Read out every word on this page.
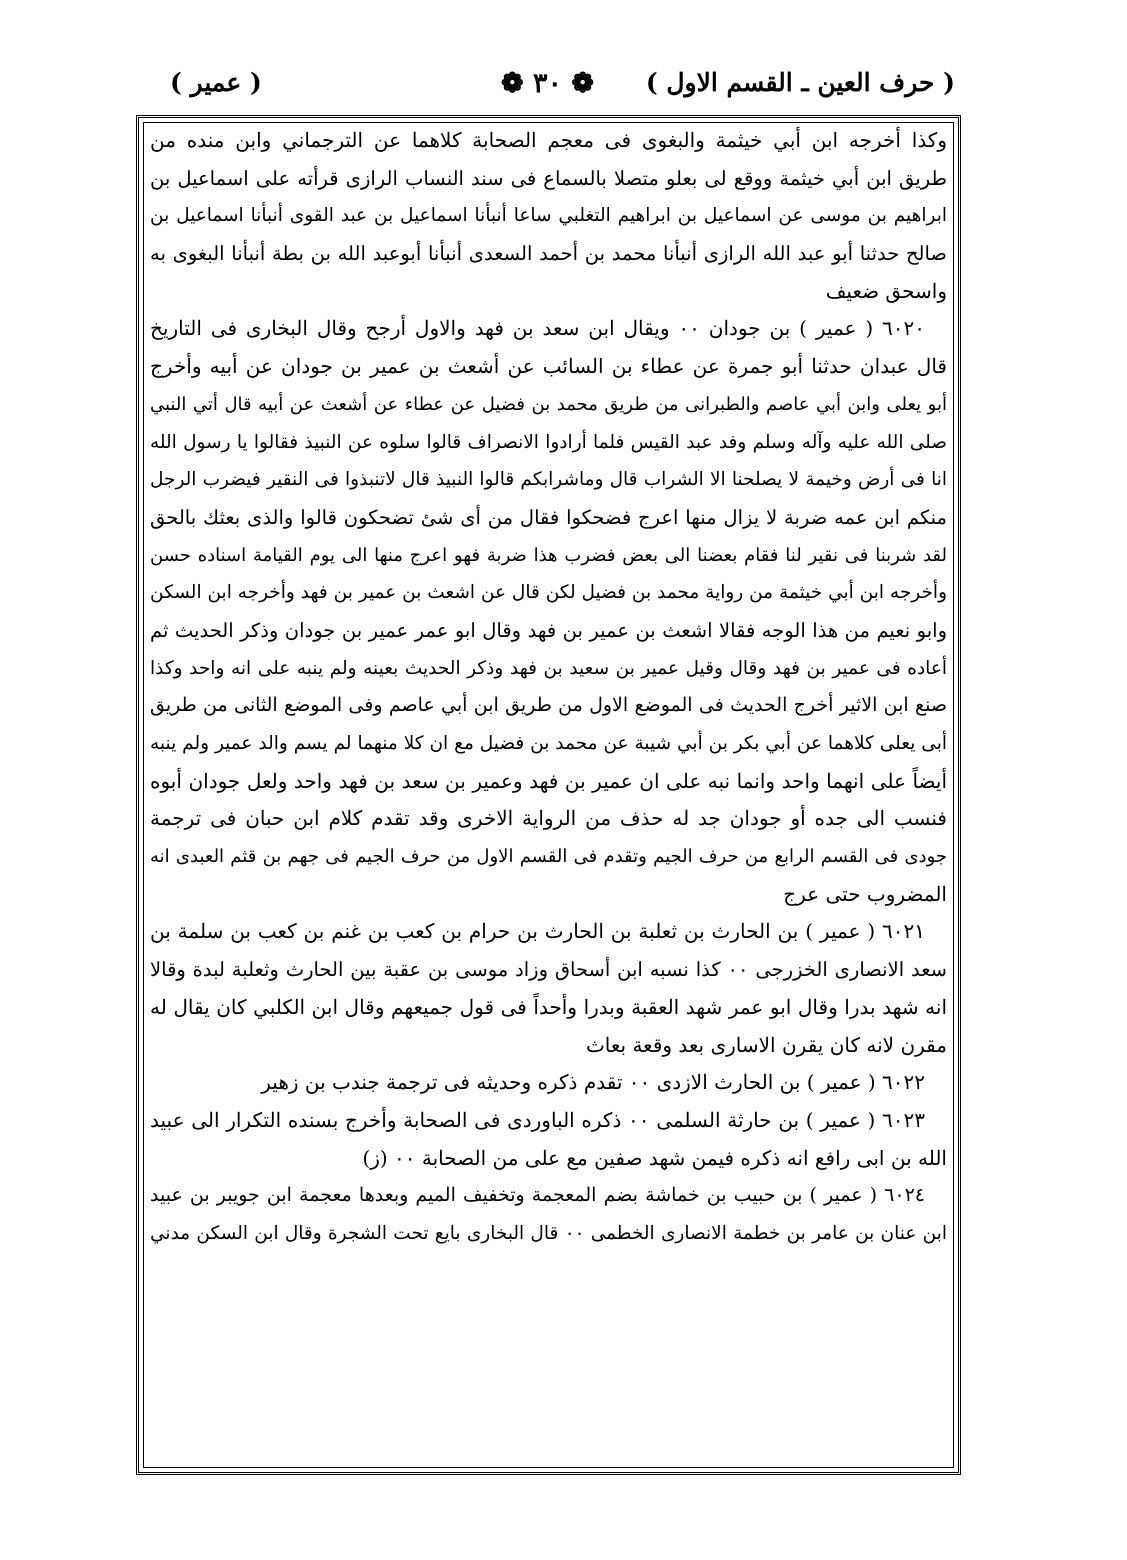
( حرف العين ـ القسم الاول )
❁ ٣٠ ❁
( عمير )
وكذا أخرجه ابن أبي خيثمة والبغوى فى معجم الصحابة كلاهما عن الترجماني وابن منده من
طريق ابن أبي خيثمة ووقع لى بعلو متصلا بالسماع فى سند النساب الرازى قرأته على اسماعيل بن
ابراهيم بن موسى عن اسماعيل بن ابراهيم التغلبي ساعا أنبأنا اسماعيل بن عبد القوى أنبأنا اسماعيل بن
صالح حدثنا أبو عبد الله الرازى أنبأنا محمد بن أحمد السعدى أنبأنا أبوعبد الله بن بطة أنبأنا البغوى به
واسحق ضعيف
٦٠٢٠ ( عمير ) بن جودان ٠٠ ويقال ابن سعد بن فهد والاول أرجح وقال البخارى فى التاريخ
قال عبدان حدثنا أبو جمرة عن عطاء بن السائب عن أشعث بن عمير بن جودان عن أبيه وأخرج
أبو يعلى وابن أبي عاصم والطبرانى من طريق محمد بن فضيل عن عطاء عن أشعث عن أبيه قال أتي النبي
صلى الله عليه وآله وسلم وفد عبد القيس فلما أرادوا الانصراف قالوا سلوه عن النبيذ فقالوا يا رسول الله
انا فى أرض وخيمة لا يصلحنا الا الشراب قال وماشرابكم قالوا النبيذ قال لاتنبذوا فى النقير فيضرب الرجل
منكم ابن عمه ضربة لا يزال منها اعرج فضحكوا فقال من أى شئ تضحكون قالوا والذى بعثك بالحق
لقد شربنا فى نقير لنا فقام بعضنا الى بعض فضرب هذا ضربة فهو اعرج منها الى يوم القيامة اسناده حسن
وأخرجه ابن أبي خيثمة من رواية محمد بن فضيل لكن قال عن اشعث بن عمير بن فهد وأخرجه ابن السكن
وابو نعيم من هذا الوجه فقالا اشعث بن عمير بن فهد وقال ابو عمر عمير بن جودان وذكر الحديث ثم
أعاده فى عمير بن فهد وقال وقيل عمير بن سعيد بن فهد وذكر الحديث بعينه ولم ينبه على انه واحد وكذا
صنع ابن الاثير أخرج الحديث فى الموضع الاول من طريق ابن أبي عاصم وفى الموضع الثانى من طريق
أبى يعلى كلاهما عن أبي بكر بن أبي شيبة عن محمد بن فضيل مع ان كلا منهما لم يسم والد عمير ولم ينبه
أيضاً على انهما واحد وانما نبه على ان عمير بن فهد وعمير بن سعد بن فهد واحد ولعل جودان أبوه
فنسب الى جده أو جودان جد له حذف من الرواية الاخرى وقد تقدم كلام ابن حبان فى ترجمة
جودى فى القسم الرابع من حرف الجيم وتقدم فى القسم الاول من حرف الجيم فى جهم بن قثم العبدى انه
المضروب حتى عرج
٦٠٢١ ( عمير ) بن الحارث بن ثعلبة بن الحارث بن حرام بن كعب بن غنم بن كعب بن سلمة بن
سعد الانصارى الخزرجى ٠٠ كذا نسبه ابن أسحاق وزاد موسى بن عقبة بين الحارث وثعلبة لبدة وقالا
انه شهد بدرا وقال ابو عمر شهد العقبة وبدرا وأحداً فى قول جميعهم وقال ابن الكلبي كان يقال له
مقرن لانه كان يقرن الاسارى بعد وقعة بعاث
٦٠٢٢ ( عمير ) بن الحارث الازدى ٠٠ تقدم ذكره وحديثه فى ترجمة جندب بن زهير
٦٠٢٣ ( عمير ) بن حارثة السلمى ٠٠ ذكره الباوردى فى الصحابة وأخرج بسنده التكرار الى عبيد
الله بن ابى رافع انه ذكره فيمن شهد صفين مع على من الصحابة ٠٠ (ز)
٦٠٢٤ ( عمير ) بن حبيب بن خماشة بضم المعجمة وتخفيف الميم وبعدها معجمة ابن جويبر بن عبيد
ابن عنان بن عامر بن خطمة الانصارى الخطمى ٠٠ قال البخارى بايع تحت الشجرة وقال ابن السكن مدني
